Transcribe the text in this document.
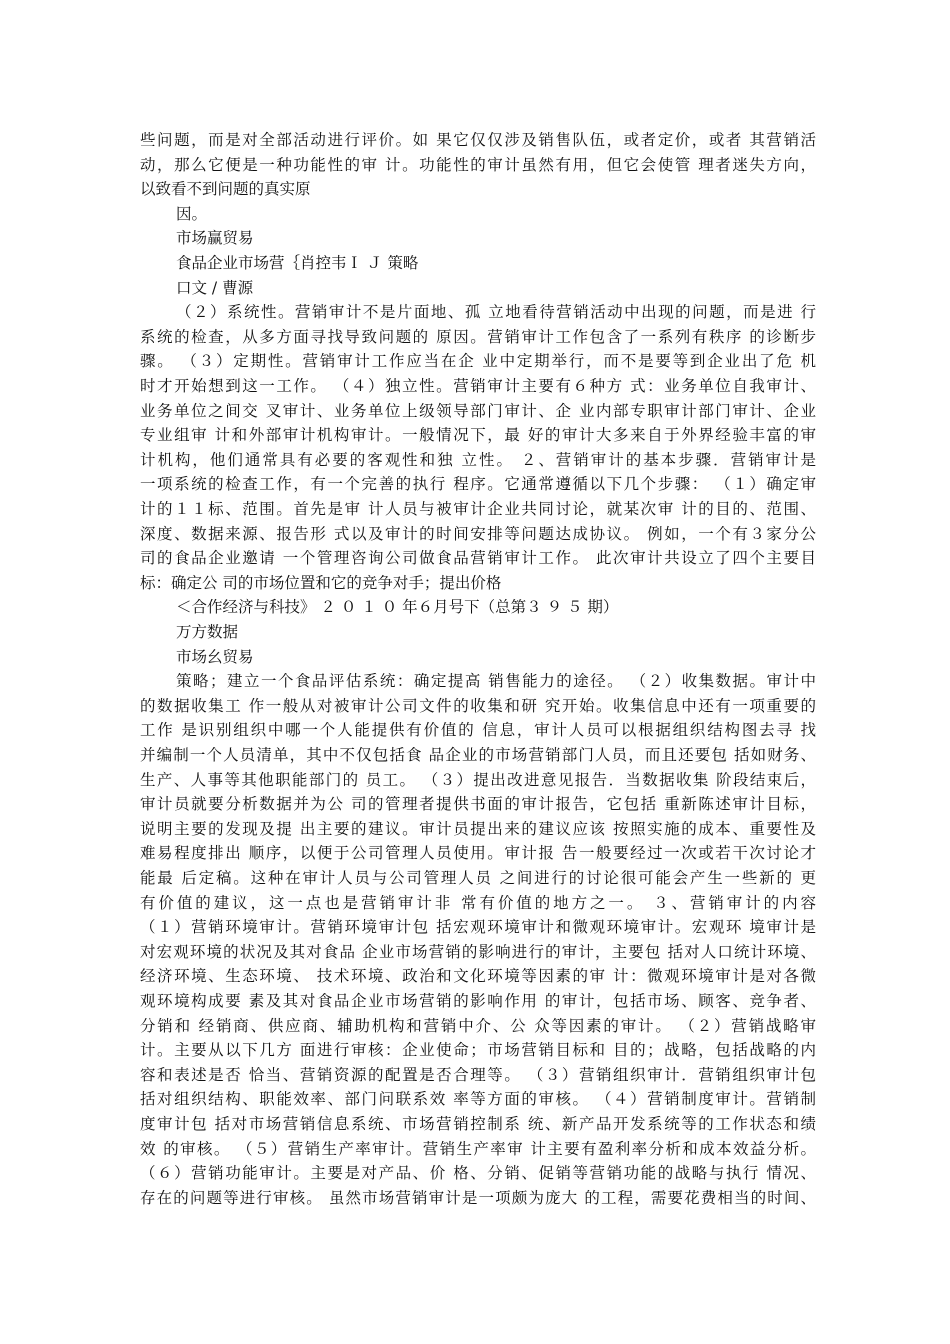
些问题，而是对全部活动进行评价。如 果它仅仅涉及销售队伍，或者定价，或者 其营销活
动，那么它便是一种功能性的审 计。功能性的审计虽然有用，但它会使管 理者迷失方向，
以致看不到问题的真实原
因。
市场赢贸易
食品企业市场营｛肖控韦Ｉ Ｊ 策略
口文 / 曹源
（２）系统性。营销审计不是片面地、孤 立地看待营销活动中出现的问题，而是进 行
系统的检查，从多方面寻找导致问题的 原因。营销审计工作包含了一系列有秩序 的诊断步
骤。 （３）定期性。营销审计工作应当在企 业中定期举行，而不是要等到企业出了危 机
时才开始想到这一工作。 （４）独立性。营销审计主要有６种方 式：业务单位自我审计、
业务单位之间交 叉审计、业务单位上级领导部门审计、企 业内部专职审计部门审计、企业
专业组审 计和外部审计机构审计。一般情况下，最 好的审计大多来自于外界经验丰富的审
计机构，他们通常具有必要的客观性和独 立性。 ２、营销审计的基本步骤．营销审计是
一项系统的检查工作，有一个完善的执行 程序。它通常遵循以下几个步骤： （１）确定审
计的１１标、范围。首先是审 计人员与被审计企业共同讨论，就某次审 计的目的、范围、
深度、数据来源、报告形 式以及审计的时间安排等问题达成协议。 例如，一个有３家分公
司的食品企业邀请 一个管理咨询公司做食品营销审计工作。 此次审计共设立了四个主要目
标：确定公 司的市场位置和它的竞争对手；提出价格
＜合作经济与科技》 ２ ０ １ ０ 年６月号下（总第３ ９ ５ 期）
万方数据
市场幺贸易
策略；建立一个食品评估系统：确定提高 销售能力的途径。 （２）收集数据。审计中
的数据收集工 作一般从对被审计公司文件的收集和研 究开始。收集信息中还有一项重要的
工作 是识别组织中哪一个人能提供有价值的 信息，审计人员可以根据组织结构图去寻 找
并编制一个人员清单，其中不仅包括食 品企业的市场营销部门人员，而且还要包 括如财务、
生产、人事等其他职能部门的 员工。 （３）提出改进意见报告．当数据收集 阶段结束后，
审计员就要分析数据并为公 司的管理者提供书面的审计报告，它包括 重新陈述审计目标，
说明主要的发现及提 出主要的建议。审计员提出来的建议应该 按照实施的成本、重要性及
难易程度排出 顺序，以便于公司管理人员使用。审计报 告一般要经过一次或若干次讨论才
能最 后定稿。这种在审计人员与公司管理人员 之间进行的讨论很可能会产生一些新的 更
有价值的建议，这一点也是营销审计非 常有价值的地方之一。 ３、营销审计的内容
（１）营销环境审计。营销环境审计包 括宏观环境审计和微观环境审计。宏观环 境审计是
对宏观环境的状况及其对食品 企业市场营销的影响进行的审计，主要包 括对人口统计环境、
经济环境、生态环境、 技术环境、政治和文化环境等因素的审 计：微观环境审计是对各微
观环境构成要 素及其对食品企业市场营销的影响作用 的审计，包括市场、顾客、竞争者、
分销和 经销商、供应商、辅助机构和营销中介、公 众等因素的审计。 （２）营销战略审
计。主要从以下几方 面进行审核：企业使命；市场营销目标和 目的；战略，包括战略的内
容和表述是否 恰当、营销资源的配置是否合理等。 （３）营销组织审计．营销组织审计包
括对组织结构、职能效率、部门问联系效 率等方面的审核。 （４）营销制度审计。营销制
度审计包 括对市场营销信息系统、市场营销控制系 统、新产品开发系统等的工作状态和绩
效 的审核。 （５）营销生产率审计。营销生产率审 计主要有盈利率分析和成本效益分析。
（６）营销功能审计。主要是对产品、价 格、分销、促销等营销功能的战略与执行 情况、
存在的问题等进行审核。 虽然市场营销审计是一项颇为庞大 的工程，需要花费相当的时间、
